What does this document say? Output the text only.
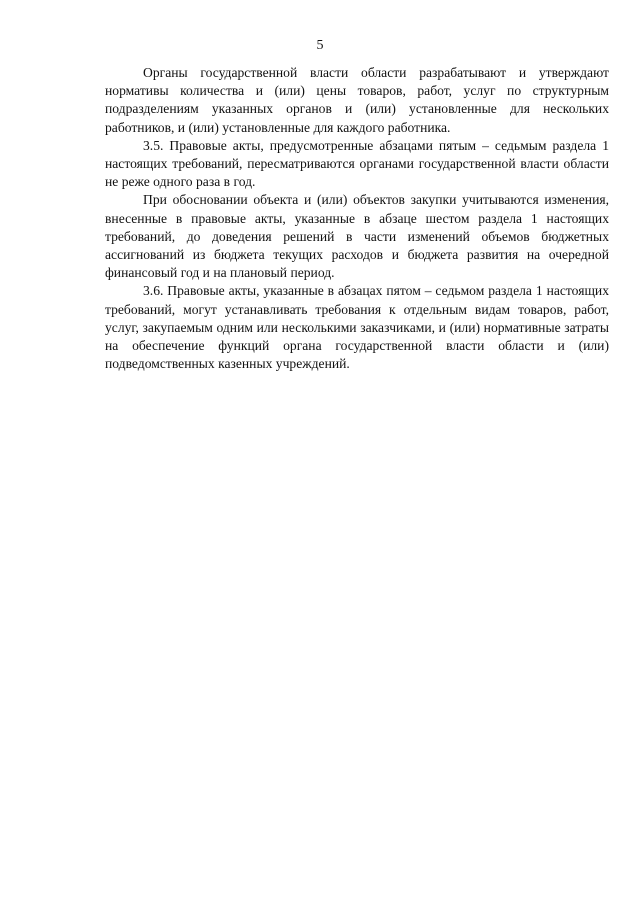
5

Органы государственной власти области разрабатывают и утверждают нормативы количества и (или) цены товаров, работ, услуг по структурным подразделениям указанных органов и (или) установленные для нескольких работников, и (или) установленные для каждого работника.

3.5. Правовые акты, предусмотренные абзацами пятым – седьмым раздела 1 настоящих требований, пересматриваются органами государственной власти области не реже одного раза в год.

При обосновании объекта и (или) объектов закупки учитываются изменения, внесенные в правовые акты, указанные в абзаце шестом раздела 1 настоящих требований, до доведения решений в части изменений объемов бюджетных ассигнований из бюджета текущих расходов и бюджета развития на очередной финансовый год и на плановый период.

3.6. Правовые акты, указанные в абзацах пятом – седьмом раздела 1 настоящих требований, могут устанавливать требования к отдельным видам товаров, работ, услуг, закупаемым одним или несколькими заказчиками, и (или) нормативные затраты на обеспечение функций органа государственной власти области и (или) подведомственных казенных учреждений.
